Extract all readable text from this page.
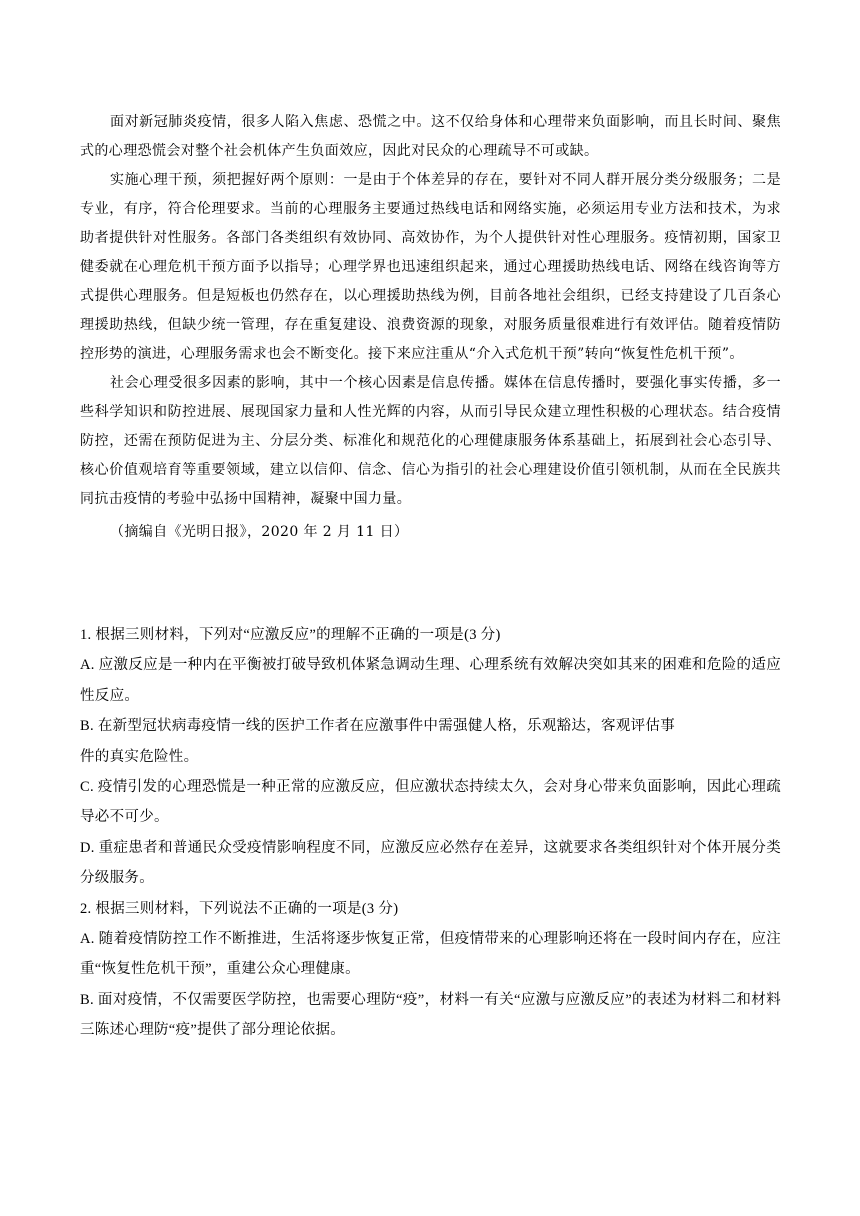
面对新冠肺炎疫情，很多人陷入焦虑、恐慌之中。这不仅给身体和心理带来负面影响，而且长时间、聚焦式的心理恐慌会对整个社会机体产生负面效应，因此对民众的心理疏导不可或缺。

实施心理干预，须把握好两个原则：一是由于个体差异的存在，要针对不同人群开展分类分级服务；二是专业，有序，符合伦理要求。当前的心理服务主要通过热线电话和网络实施，必须运用专业方法和技术，为求助者提供针对性服务。各部门各类组织有效协同、高效协作，为个人提供针对性心理服务。疫情初期，国家卫健委就在心理危机干预方面予以指导；心理学界也迅速组织起来，通过心理援助热线电话、网络在线咨询等方式提供心理服务。但是短板也仍然存在，以心理援助热线为例，目前各地社会组织，已经支持建设了几百条心理援助热线，但缺少统一管理，存在重复建设、浪费资源的现象，对服务质量很难进行有效评估。随着疫情防控形势的演进，心理服务需求也会不断变化。接下来应注重从“介入式危机干预”转向“恢复性危机干预”。

社会心理受很多因素的影响，其中一个核心因素是信息传播。媒体在信息传播时，要强化事实传播，多一些科学知识和防控进展、展现国家力量和人性光辉的内容，从而引导民众建立理性积极的心理状态。结合疫情防控，还需在预防促进为主、分层分类、标准化和规范化的心理健康服务体系基础上，拓展到社会心态引导、核心价值观培育等重要领域，建立以信仰、信念、信心为指引的社会心理建设价值引领机制，从而在全民族共同抗击疫情的考验中弘扬中国精神，凝聚中国力量。

（摘编自《光明日报》，2020 年 2 月 11 日）

1. 根据三则材料，下列对“应激反应”的理解不正确的一项是(3 分)

A. 应激反应是一种内在平衡被打破导致机体紧急调动生理、心理系统有效解决突如其来的困难和危险的适应性反应。

B. 在新型冠状病毒疫情一线的医护工作者在应激事件中需强健人格，乐观豁达，客观评估事
件的真实危险性。

C. 疫情引发的心理恐慌是一种正常的应激反应，但应激状态持续太久，会对身心带来负面影响，因此心理疏导必不可少。

D. 重症患者和普通民众受疫情影响程度不同，应激反应必然存在差异，这就要求各类组织针对个体开展分类分级服务。

2. 根据三则材料，下列说法不正确的一项是(3 分)

A. 随着疫情防控工作不断推进，生活将逐步恢复正常，但疫情带来的心理影响还将在一段时间内存在，应注重“恢复性危机干预”，重建公众心理健康。

B. 面对疫情，不仅需要医学防控，也需要心理防“疫”，材料一有关“应激与应激反应”的表述为材料二和材料三陈述心理防“疫”提供了部分理论依据。
